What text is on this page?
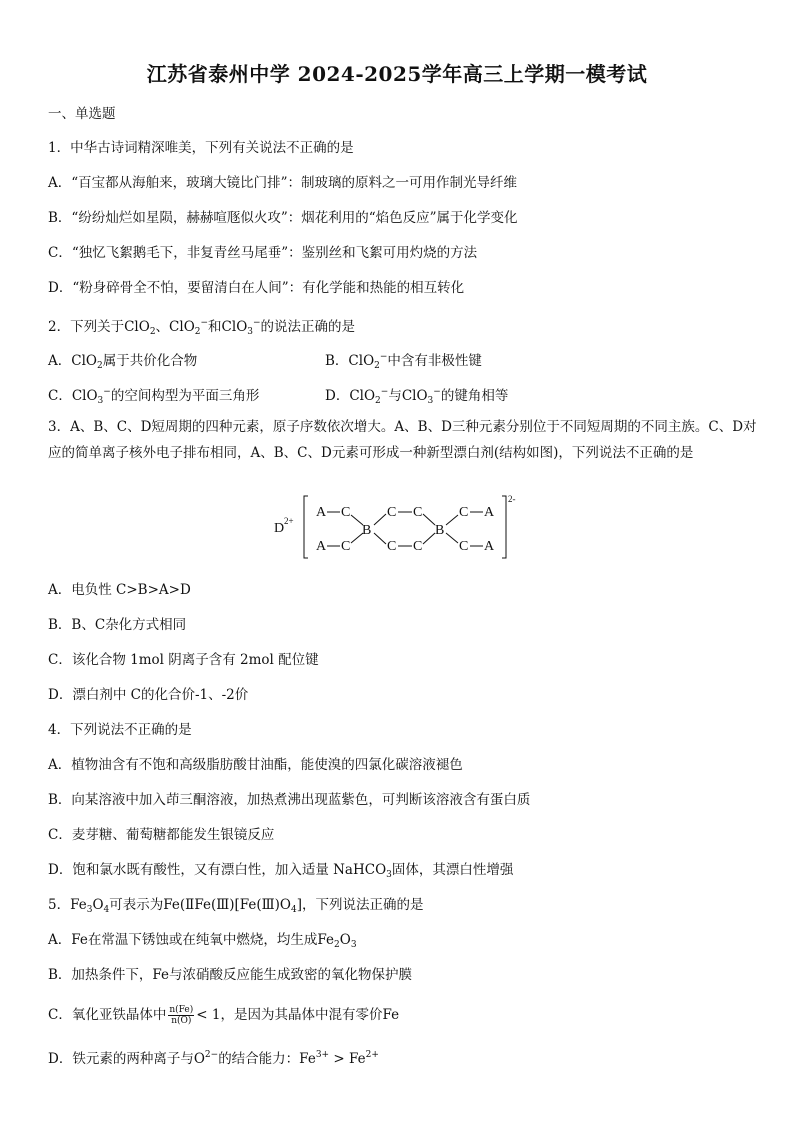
江苏省泰州中学 2024-2025学年高三上学期一模考试
一、单选题
1．中华古诗词精深唯美，下列有关说法不正确的是
A．“百宝都从海舶来，玻璃大镜比门排”：制玻璃的原料之一可用作制光导纤维
B．“纷纷灿烂如星陨，赫赫喧豗似火攻”：烟花利用的“焰色反应”属于化学变化
C．“独忆飞絮鹅毛下，非复青丝马尾垂”：鉴别丝和飞絮可用灼烧的方法
D．“粉身碎骨全不怕，要留清白在人间”：有化学能和热能的相互转化
2．下列关于ClO$_2$、ClO$_2$−和ClO$_3$−的说法正确的是
A．ClO$_2$属于共价化合物	B．ClO$_2$−中含有非极性键
C．ClO$_3$−的空间构型为平面三角形	D．ClO$_2$−与ClO$_3$−的键角相等
3．A、B、C、D短周期的四种元素，原子序数依次增大。A、B、D三种元素分别位于不同短周期的不同主族。C、D对应的简单离子核外电子排布相同，A、B、C、D元素可形成一种新型漂白剂(结构如图)，下列说法不正确的是
D 2+
2-
A C
A C
B
C C
C C
B
C A
C A
A．电负性 C>B>A>D
B．B、C杂化方式相同
C．该化合物 1mol 阴离子含有 2mol 配位键
D．漂白剂中 C的化合价-1、-2价
4．下列说法不正确的是
A．植物油含有不饱和高级脂肪酸甘油酯，能使溴的四氯化碳溶液褪色
B．向某溶液中加入茚三酮溶液，加热煮沸出现蓝紫色，可判断该溶液含有蛋白质
C．麦芽糖、葡萄糖都能发生银镜反应
D．饱和氯水既有酸性，又有漂白性，加入适量 NaHCO$_3$固体，其漂白性增强
5．$Fe_3O_4$可表示为$Fe(ⅡFe(Ⅲ)[Fe(Ⅲ)O_4]$，下列说法正确的是
A．Fe在常温下锈蚀或在纯氧中燃烧，均生成$Fe_2O_3$
B．加热条件下，Fe与浓硝酸反应能生成致密的氧化物保护膜
C．氧化亚铁晶体中 $\frac{n(Fe)}{n(O)} < 1$，是因为其晶体中混有零价Fe
D．铁元素的两种离子与$O^{2-}$的结合能力：$Fe^{3+} > Fe^{2+}$
